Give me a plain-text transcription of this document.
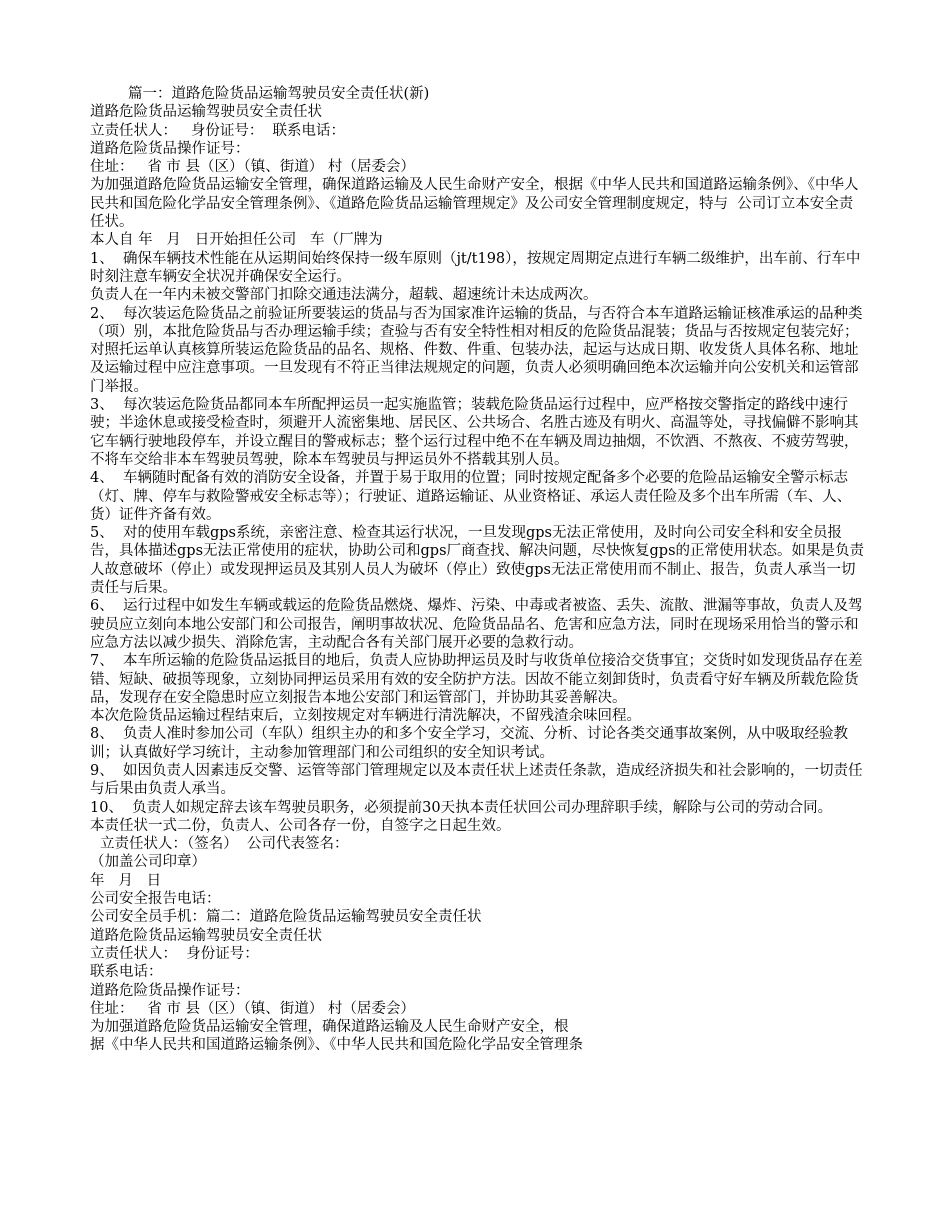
篇一：道路危险货品运输驾驶员安全责任状(新)

道路危险货品运输驾驶员安全责任状

立责任状人：   身份证号：  联系电话：

道路危险货品操作证号：

住址：   省 市 县（区）（镇、街道） 村（居委会）

为加强道路危险货品运输安全管理，确保道路运输及人民生命财产安全，根据《中华人民共和国道路运输条例》、《中华人民共和国危险化学品安全管理条例》、《道路危险货品运输管理规定》及公司安全管理制度规定，特与  公司订立本安全责任状。

本人自 年   月   日开始担任公司   车（厂牌为

1、  确保车辆技术性能在从运期间始终保持一级车原则（jt/t198），按规定周期定点进行车辆二级维护，出车前、行车中时刻注意车辆安全状况并确保安全运行。

负责人在一年内未被交警部门扣除交通违法满分，超载、超速统计未达成两次。

2、  每次装运危险货品之前验证所要装运的货品与否为国家准许运输的货品，与否符合本车道路运输证核准承运的品种类（项）别，本批危险货品与否办理运输手续；查验与否有安全特性相对相反的危险货品混装；货品与否按规定包装完好；对照托运单认真核算所装运危险货品的品名、规格、件数、件重、包装办法，起运与达成日期、收发货人具体名称、地址及运输过程中应注意事项。一旦发现有不符正当律法规规定的问题，负责人必须明确回绝本次运输并向公安机关和运管部门举报。

3、  每次装运危险货品都同本车所配押运员一起实施监管；装载危险货品运行过程中，应严格按交警指定的路线中速行驶；半途休息或接受检查时，须避开人流密集地、居民区、公共场合、名胜古迹及有明火、高温等处，寻找偏僻不影响其它车辆行驶地段停车，并设立醒目的警戒标志；整个运行过程中绝不在车辆及周边抽烟，不饮酒、不熬夜、不疲劳驾驶，不将车交给非本车驾驶员驾驶，除本车驾驶员与押运员外不搭载其别人员。

4、  车辆随时配备有效的消防安全设备，并置于易于取用的位置；同时按规定配备多个必要的危险品运输安全警示标志（灯、牌、停车与救险警戒安全标志等）；行驶证、道路运输证、从业资格证、承运人责任险及多个出车所需（车、人、货）证件齐备有效。

5、  对的使用车载gps系统，亲密注意、检查其运行状况，一旦发现gps无法正常使用，及时向公司安全科和安全员报告，具体描述gps无法正常使用的症状，协助公司和gps厂商查找、解决问题，尽快恢复gps的正常使用状态。如果是负责人故意破坏（停止）或发现押运员及其别人员人为破坏（停止）致使gps无法正常使用而不制止、报告，负责人承当一切责任与后果。

6、  运行过程中如发生车辆或载运的危险货品燃烧、爆炸、污染、中毒或者被盗、丢失、流散、泄漏等事故，负责人及驾驶员应立刻向本地公安部门和公司报告，阐明事故状况、危险货品品名、危害和应急方法，同时在现场采用恰当的警示和应急方法以减少损失、消除危害，主动配合各有关部门展开必要的急救行动。

7、  本车所运输的危险货品运抵目的地后，负责人应协助押运员及时与收货单位接洽交货事宜；交货时如发现货品存在差错、短缺、破损等现象，立刻协同押运员采用有效的安全防护方法。因故不能立刻卸货时，负责看守好车辆及所载危险货品，发现存在安全隐患时应立刻报告本地公安部门和运管部门，并协助其妥善解决。

本次危险货品运输过程结束后，立刻按规定对车辆进行清洗解决，不留残渣余味回程。

8、  负责人准时参加公司（车队）组织主办的和多个安全学习，交流、分析、讨论各类交通事故案例，从中吸取经验教训；认真做好学习统计，主动参加管理部门和公司组织的安全知识考试。

9、  如因负责人因素违反交警、运管等部门管理规定以及本责任状上述责任条款，造成经济损失和社会影响的，一切责任与后果由负责人承当。

10、  负责人如规定辞去该车驾驶员职务，必须提前30天执本责任状回公司办理辞职手续，解除与公司的劳动合同。

本责任状一式二份，负责人、公司各存一份，自签字之日起生效。

立责任状人：（签名）  公司代表签名：

（加盖公司印章）

年   月   日

公司安全报告电话：

公司安全员手机：篇二：道路危险货品运输驾驶员安全责任状

道路危险货品运输驾驶员安全责任状

立责任状人：  身份证号：

联系电话：

道路危险货品操作证号：

住址：   省 市 县（区）（镇、街道） 村（居委会）

为加强道路危险货品运输安全管理，确保道路运输及人民生命财产安全，根

据《中华人民共和国道路运输条例》、《中华人民共和国危险化学品安全管理条
